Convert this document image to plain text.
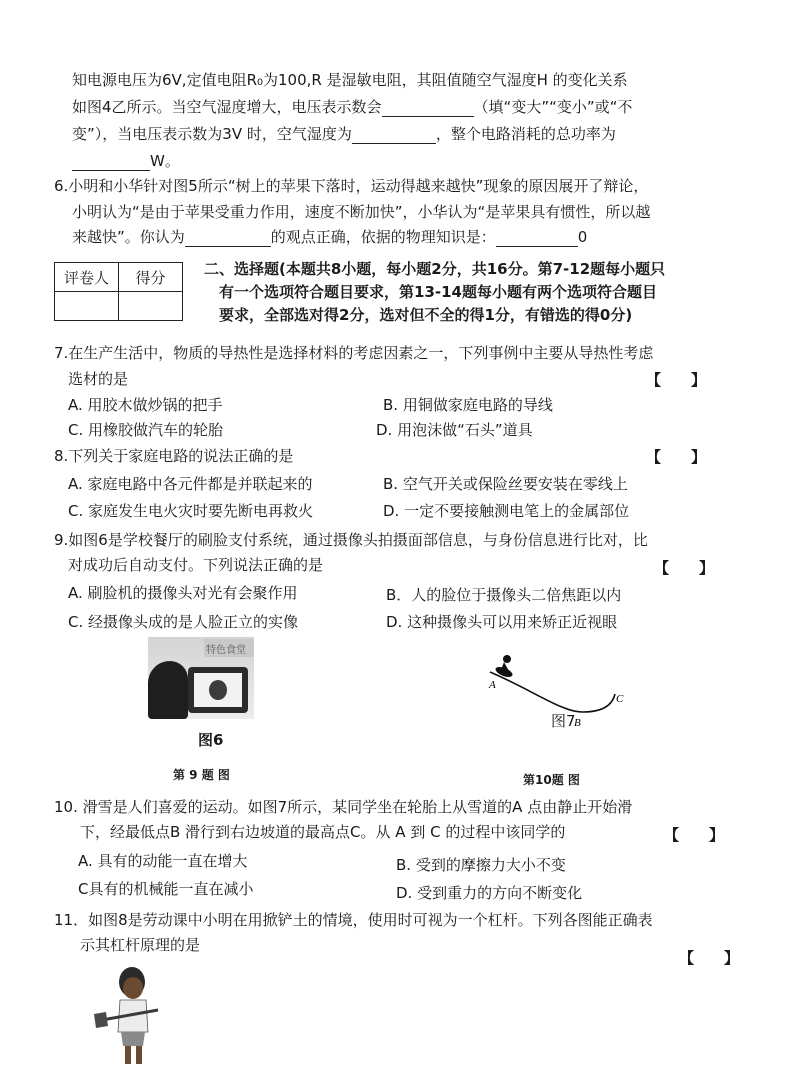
知电源电压为6V,定值电阻R₀为100,R 是湿敏电阻，其阻值随空气湿度H 的变化关系
如图4乙所示。当空气湿度增大，电压表示数会	（填“变大”“变小”或“不
变”），当电压表示数为3V 时，空气湿度为	，整个电路消耗的总功率为
W。
6.小明和小华针对图5所示“树上的苹果下落时，运动得越来越快”现象的原因展开了辩论，
小明认为“是由于苹果受重力作用，速度不断加快”，小华认为“是苹果具有惯性，所以越
来越快”。你认为	的观点正确，依据的物理知识是：	0
评卷人	得分
		二、选择题(本题共8小题，每小题2分，共16分。第7-12题每小题只
有一个选项符合题目要求，第13-14题每小题有两个选项符合题目
要求，全部选对得2分，选对但不全的得1分，有错选的得0分)
7.在生产生活中，物质的导热性是选择材料的考虑因素之一，下列事例中主要从导热性考虑
选材的是	【　　】
A. 用胶木做炒锅的把手	B. 用铜做家庭电路的导线
C. 用橡胶做汽车的轮胎	D. 用泡沫做“石头”道具
8.下列关于家庭电路的说法正确的是	【　　】
A. 家庭电路中各元件都是并联起来的	B. 空气开关或保险丝要安装在零线上
C. 家庭发生电火灾时要先断电再救火	D. 一定不要接触测电笔上的金属部位
9.如图6是学校餐厅的刷脸支付系统，通过摄像头拍摄面部信息，与身份信息进行比对，比
对成功后自动支付。下列说法正确的是	【　　】
A. 刷脸机的摄像头对光有会聚作用	B．人的脸位于摄像头二倍焦距以内
C. 经摄像头成的是人脸正立的实像	D. 这种摄像头可以用来矫正近视眼
特色食堂
图6
第 9 题 图
A
B
C
图7
第10题 图
10. 滑雪是人们喜爱的运动。如图7所示，某同学坐在轮胎上从雪道的A 点由静止开始滑
下，经最低点B 滑行到右边坡道的最高点C。从 A 到 C 的过程中该同学的	【　　】
A. 具有的动能一直在增大	B. 受到的摩擦力大小不变
C具有的机械能一直在减小	D. 受到重力的方向不断变化
11．如图8是劳动课中小明在用掀铲土的情境，使用时可视为一个杠杆。下列各图能正确表
示其杠杆原理的是
【　　】
